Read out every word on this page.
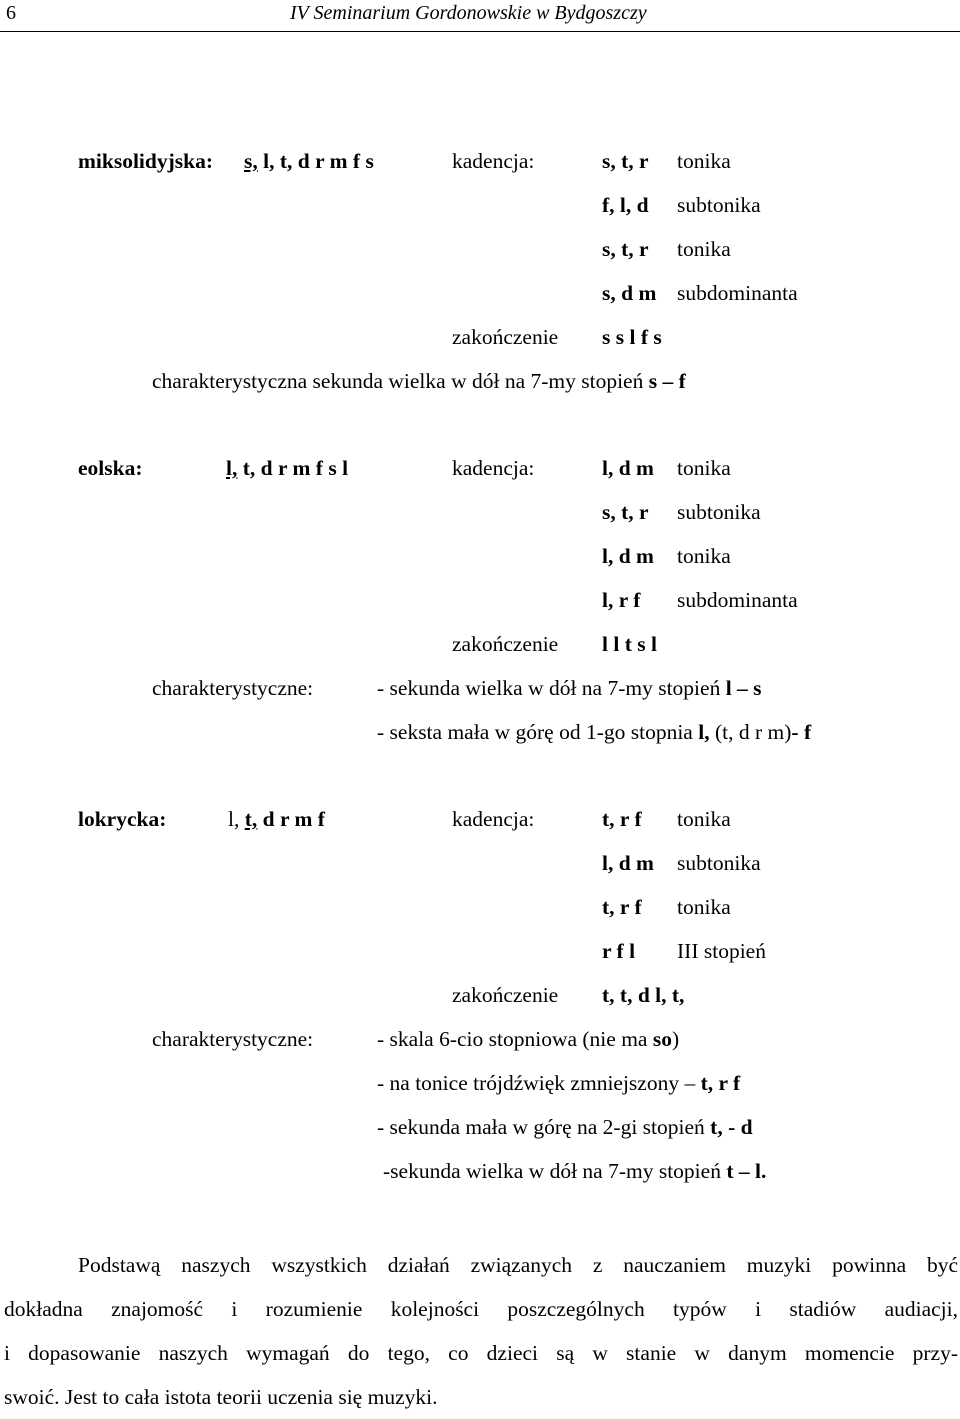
6	IV Seminarium Gordonowskie w Bydgoszczy
miksolidyjska: s, l, t, d r m f s	kadencja:	s, t, r tonika
f, l, d subtonika
s, t, r tonika
s, d m subdominanta
zakończenie s s l f s
charakterystyczna sekunda wielka w dół na 7-my stopień s – f
eolska:	l, t, d r m f s l	kadencja:	l, d m tonika
s, t, r subtonika
l, d m tonika
l, r f subdominanta
zakończenie l l t s l
charakterystyczne:	- sekunda wielka w dół na 7-my stopień l – s
- seksta mała w górę od 1-go stopnia l, (t, d r m)- f
lokrycka:	l, t, d r m f	kadencja:	t, r f tonika
l, d m subtonika
t, r f tonika
r f l III stopień
zakończenie t, t, d l, t,
charakterystyczne:	- skala 6-cio stopniowa (nie ma so)
- na tonice trójdźwięk zmniejszony – t, r f
- sekunda mała w górę na 2-gi stopień t, - d
-sekunda wielka w dół na 7-my stopień t – l.

Podstawą naszych wszystkich działań związanych z nauczaniem muzyki powinna być

dokładna znajomość i rozumienie kolejności poszczególnych typów i stadiów audiacji,

i dopasowanie naszych wymagań do tego, co dzieci są w stanie w danym momencie przy-

swoić. Jest to cała istota teorii uczenia się muzyki.
